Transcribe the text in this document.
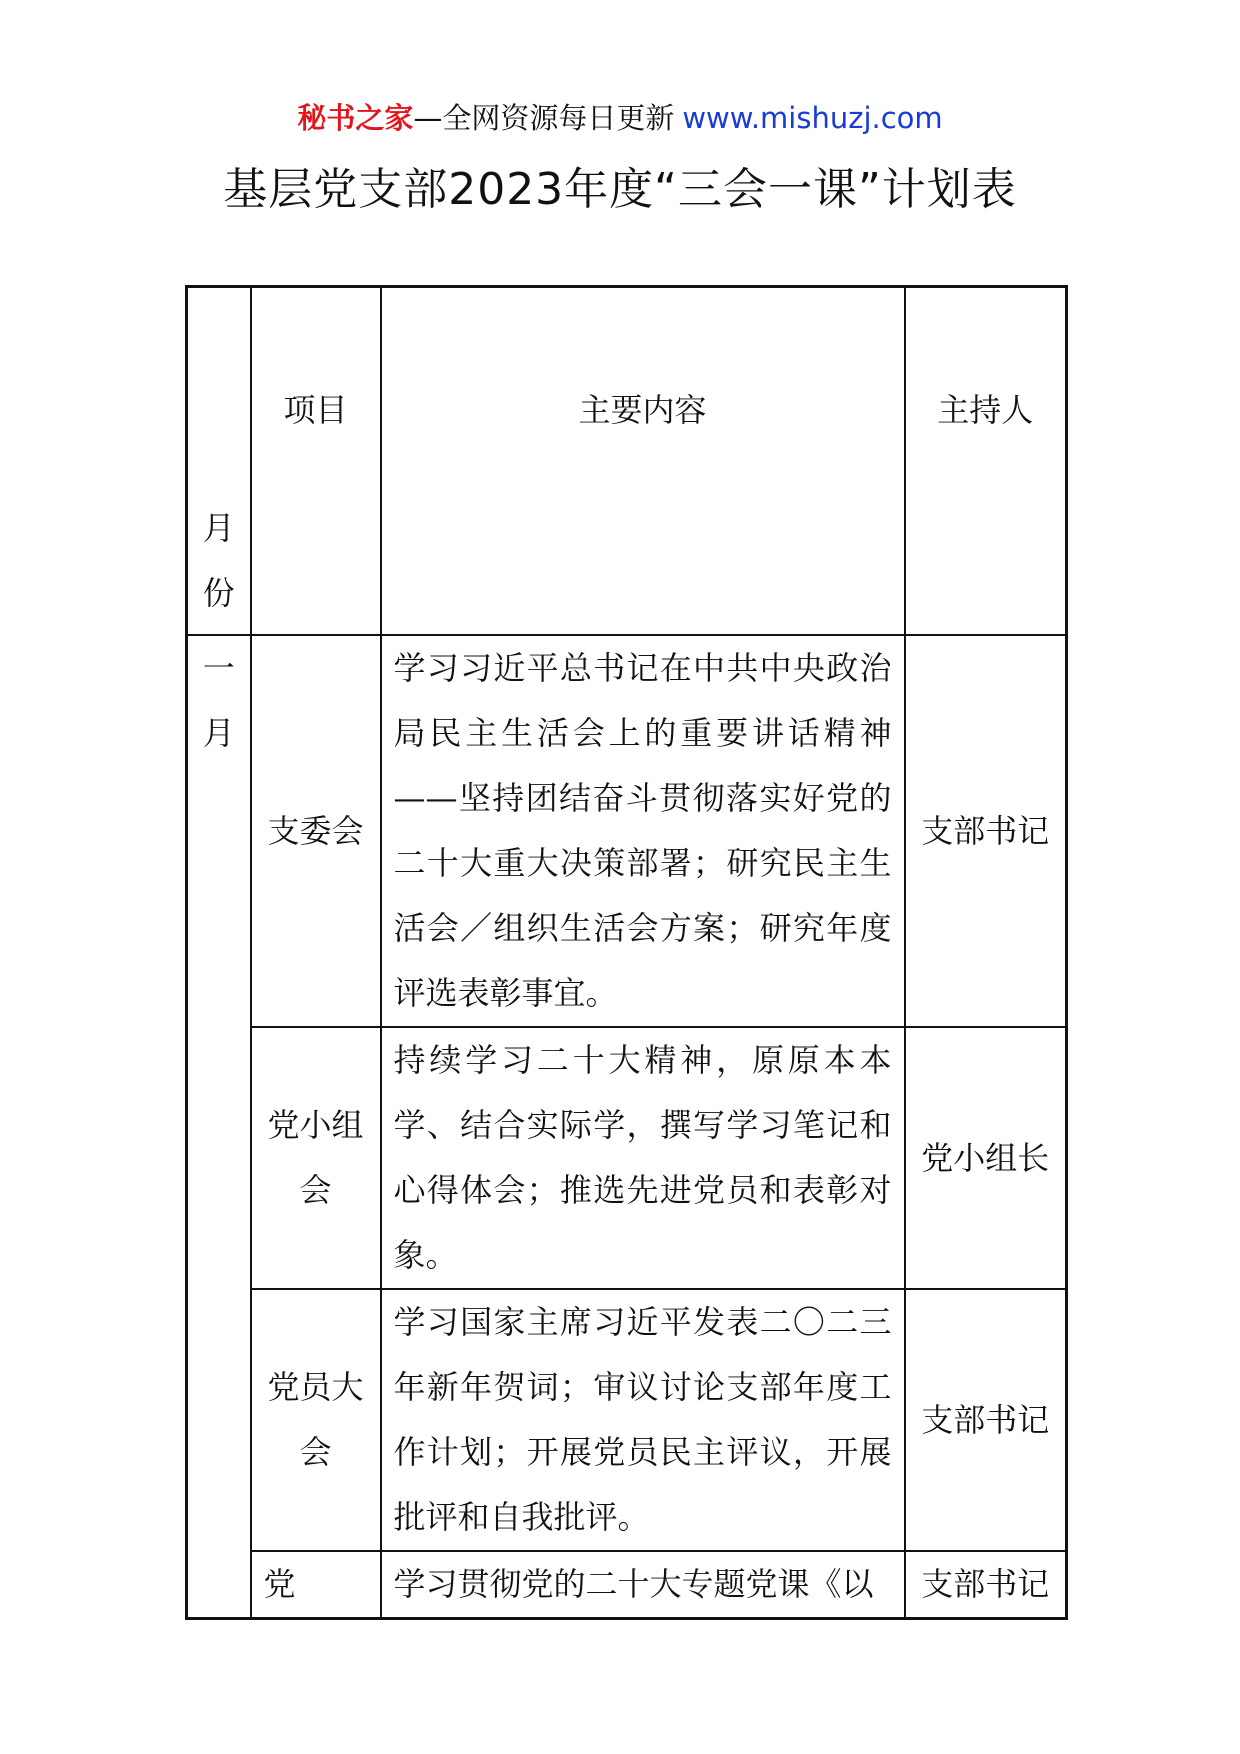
秘书之家—全网资源每日更新 www.mishuzj.com
基层党支部2023年度“三会一课”计划表
月
份	项目	主要内容	主持人

一
月	支委会	学习习近平总书记在中共中央政治局民主生活会上的重要讲话精神——坚持团结奋斗贯彻落实好党的二十大重大决策部署；研究民主生活会／组织生活会方案；研究年度评选表彰事宜。	支部书记
	党小组会	持续学习二十大精神，原原本本学、结合实际学，撰写学习笔记和心得体会；推选先进党员和表彰对象。	党小组长
	党员大会	学习国家主席习近平发表二〇二三年新年贺词；审议讨论支部年度工作计划；开展党员民主评议，开展批评和自我批评。	支部书记
	党	学习贯彻党的二十大专题党课《以	支部书记
